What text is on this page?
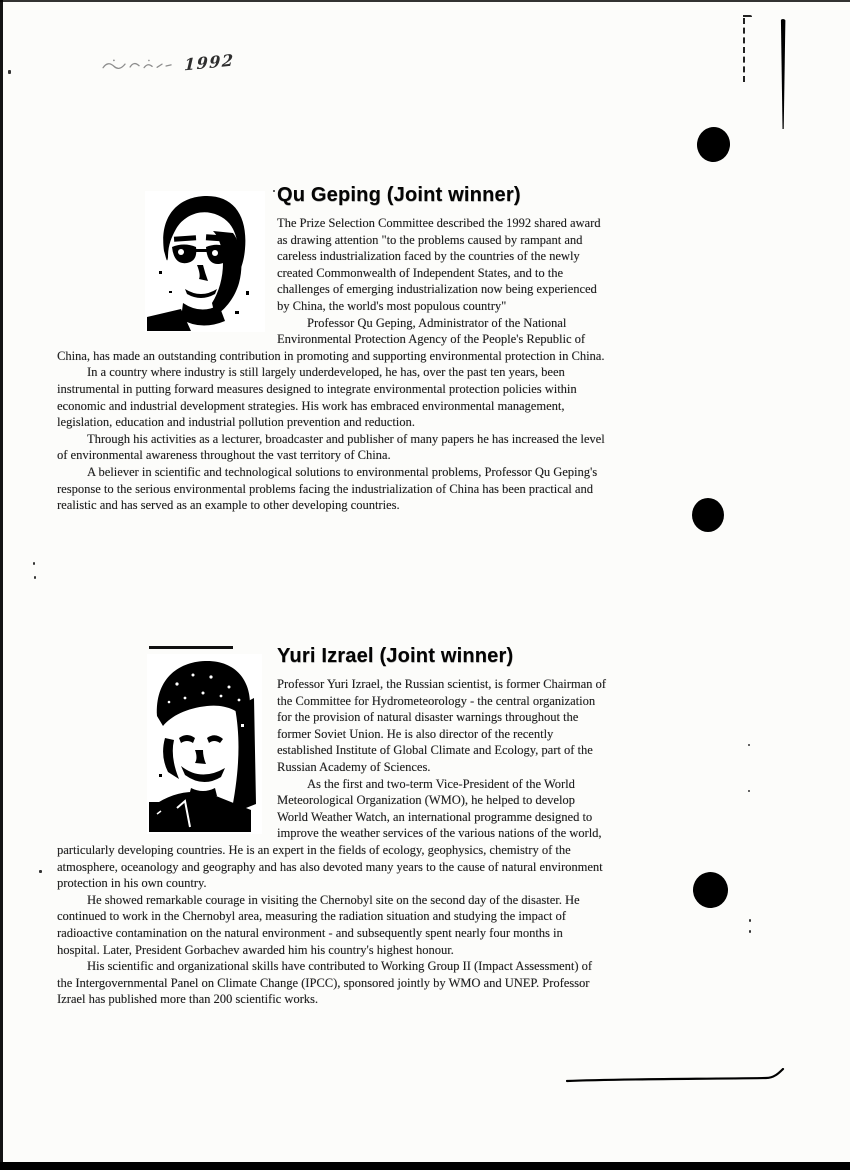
1992
Qu Geping (Joint winner)

The Prize Selection Committee described the 1992 shared award as drawing attention "to the problems caused by rampant and careless industrialization faced by the countries of the newly created Commonwealth of Independent States, and to the challenges of emerging industrialization now being experienced by China, the world's most populous country"

Professor Qu Geping, Administrator of the National Environmental Protection Agency of the People's Republic of China, has made an outstanding contribution in promoting and supporting environmental protection in China.

In a country where industry is still largely underdeveloped, he has, over the past ten years, been instrumental in putting forward measures designed to integrate environmental protection policies within economic and industrial development strategies. His work has embraced environmental management, legislation, education and industrial pollution prevention and reduction.

Through his activities as a lecturer, broadcaster and publisher of many papers he has increased the level of environmental awareness throughout the vast territory of China.

A believer in scientific and technological solutions to environmental problems, Professor Qu Geping's response to the serious environmental problems facing the industrialization of China has been practical and realistic and has served as an example to other developing countries.

Yuri Izrael (Joint winner)

Professor Yuri Izrael, the Russian scientist, is former Chairman of the Committee for Hydrometeorology - the central organization for the provision of natural disaster warnings throughout the former Soviet Union. He is also director of the recently established Institute of Global Climate and Ecology, part of the Russian Academy of Sciences.

As the first and two-term Vice-President of the World Meteorological Organization (WMO), he helped to develop World Weather Watch, an international programme designed to improve the weather services of the various nations of the world, particularly developing countries. He is an expert in the fields of ecology, geophysics, chemistry of the atmosphere, oceanology and geography and has also devoted many years to the cause of natural environment protection in his own country.

He showed remarkable courage in visiting the Chernobyl site on the second day of the disaster. He continued to work in the Chernobyl area, measuring the radiation situation and studying the impact of radioactive contamination on the natural environment - and subsequently spent nearly four months in hospital. Later, President Gorbachev awarded him his country's highest honour.

His scientific and organizational skills have contributed to Working Group II (Impact Assessment) of the Intergovernmental Panel on Climate Change (IPCC), sponsored jointly by WMO and UNEP. Professor Izrael has published more than 200 scientific works.
